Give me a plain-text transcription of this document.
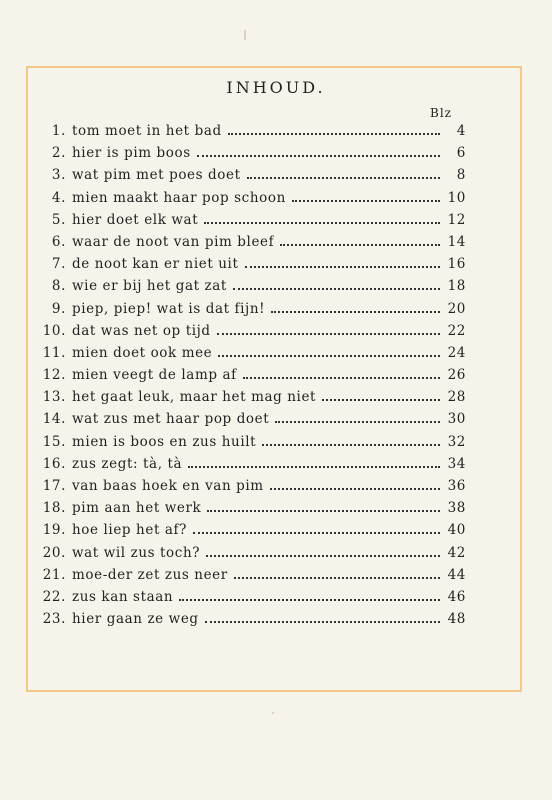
INHOUD.
Blz
1. tom moet in het bad	4
2. hier is pim boos	6
3. wat pim met poes doet	8
4. mien maakt haar pop schoon	10
5. hier doet elk wat	12
6. waar de noot van pim bleef	14
7. de noot kan er niet uit	16
8. wie er bij het gat zat	18
9. piep, piep! wat is dat fijn!	20
10. dat was net op tijd	22
11. mien doet ook mee	24
12. mien veegt de lamp af	26
13. het gaat leuk, maar het mag niet	28
14. wat zus met haar pop doet	30
15. mien is boos en zus huilt	32
16. zus zegt: tà, tà	34
17. van baas hoek en van pim	36
18. pim aan het werk	38
19. hoe liep het af?	40
20. wat wil zus toch?	42
21. moe-der zet zus neer	44
22. zus kan staan	46
23. hier gaan ze weg	48
